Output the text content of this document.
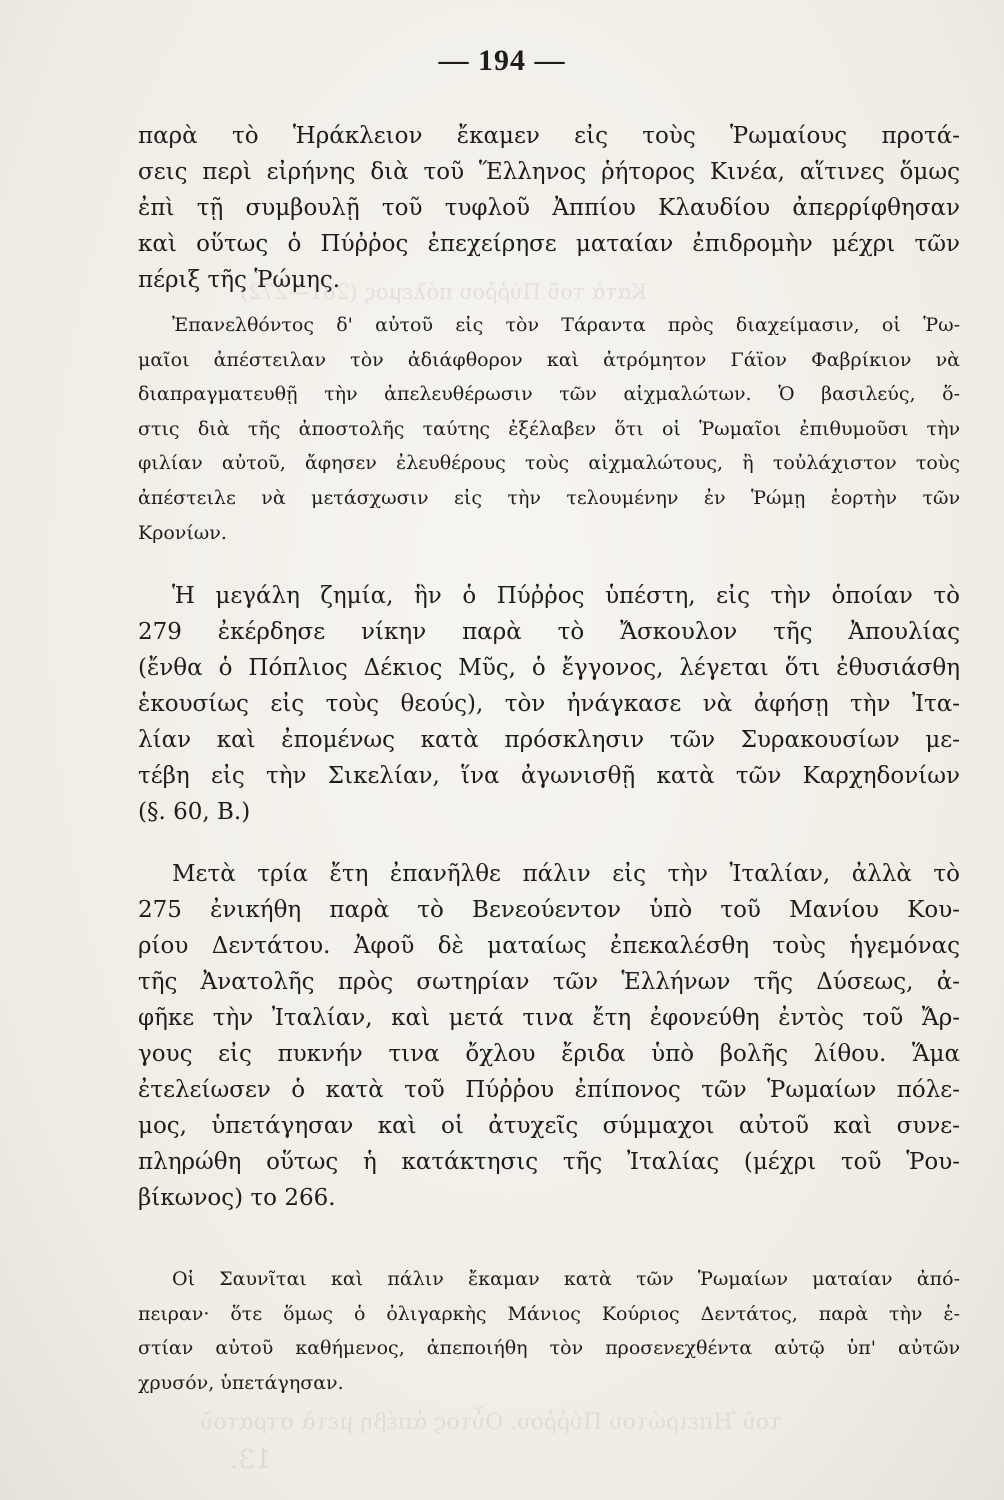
Κατὰ τοῦ Πύῤῥου πόλεμος (281—272)
τοῦ Ἠπειρώτου Πύῤῥου. Οὗτος ἀπέβη μετὰ στρατοῦ
13.
— 194 —
παρὰ τὸ Ἡράκλειον ἔκαμεν εἰς τοὺς Ῥωμαίους προτά-
σεις περὶ εἰρήνης διὰ τοῦ Ἕλληνος ῥήτορος Κινέα, αἵτινες ὅμως
ἐπὶ τῇ συμβουλῇ τοῦ τυφλοῦ Ἀππίου Κλαυδίου ἀπερρίφθησαν
καὶ οὕτως ὁ Πύῤῥος ἐπεχείρησε ματαίαν ἐπιδρομὴν μέχρι τῶν
πέριξ τῆς Ῥώμης.
Ἐπανελθόντος δ' αὐτοῦ εἰς τὸν Τάραντα πρὸς διαχείμασιν, οἱ Ῥω-
μαῖοι ἀπέστειλαν τὸν ἀδιάφθορον καὶ ἀτρόμητον Γάϊον Φαβρίκιον νὰ
διαπραγματευθῇ τὴν ἀπελευθέρωσιν τῶν αἰχμαλώτων. Ὁ βασιλεύς, ὅ-
στις διὰ τῆς ἀποστολῆς ταύτης ἐξέλαβεν ὅτι οἱ Ῥωμαῖοι ἐπιθυμοῦσι τὴν
φιλίαν αὐτοῦ, ἄφησεν ἐλευθέρους τοὺς αἰχμαλώτους, ἢ τοὐλάχιστον τοὺς
ἀπέστειλε νὰ μετάσχωσιν εἰς τὴν τελουμένην ἐν Ῥώμῃ ἑορτὴν τῶν
Κρονίων.
Ἡ μεγάλη ζημία, ἣν ὁ Πύῤῥος ὑπέστη, εἰς τὴν ὁποίαν τὸ
279 ἐκέρδησε νίκην παρὰ τὸ Ἄσκουλον τῆς Ἀπουλίας
(ἔνθα ὁ Πόπλιος Δέκιος Μῦς, ὁ ἔγγονος, λέγεται ὅτι ἐθυσιάσθη
ἑκουσίως εἰς τοὺς θεούς), τὸν ἠνάγκασε νὰ ἀφήσῃ τὴν Ἰτα-
λίαν καὶ ἐπομένως κατὰ πρόσκλησιν τῶν Συρακουσίων με-
τέβη εἰς τὴν Σικελίαν, ἵνα ἀγωνισθῇ κατὰ τῶν Καρχηδονίων
(§. 60, Β.)
Μετὰ τρία ἔτη ἐπανῆλθε πάλιν εἰς τὴν Ἰταλίαν, ἀλλὰ τὸ
275 ἐνικήθη παρὰ τὸ Βενεούεντον ὑπὸ τοῦ Μανίου Κου-
ρίου Δεντάτου. Ἀφοῦ δὲ ματαίως ἐπεκαλέσθη τοὺς ἡγεμόνας
τῆς Ἀνατολῆς πρὸς σωτηρίαν τῶν Ἑλλήνων τῆς Δύσεως, ἀ-
φῆκε τὴν Ἰταλίαν, καὶ μετά τινα ἔτη ἐφονεύθη ἐντὸς τοῦ Ἄρ-
γους εἰς πυκνήν τινα ὄχλου ἔριδα ὑπὸ βολῆς λίθου. Ἅμα
ἐτελείωσεν ὁ κατὰ τοῦ Πύῤῥου ἐπίπονος τῶν Ῥωμαίων πόλε-
μος, ὑπετάγησαν καὶ οἱ ἀτυχεῖς σύμμαχοι αὐτοῦ καὶ συνε-
πληρώθη οὕτως ἡ κατάκτησις τῆς Ἰταλίας (μέχρι τοῦ Ῥου-
βίκωνος) το 266.
Οἱ Σαυνῖται καὶ πάλιν ἔκαμαν κατὰ τῶν Ῥωμαίων ματαίαν ἀπό-
πειραν· ὅτε ὅμως ὁ ὀλιγαρκὴς Μάνιος Κούριος Δεντάτος, παρὰ τὴν ἑ-
στίαν αὐτοῦ καθήμενος, ἀπεποιήθη τὸν προσενεχθέντα αὐτῷ ὑπ' αὐτῶν
χρυσόν, ὑπετάγησαν.
